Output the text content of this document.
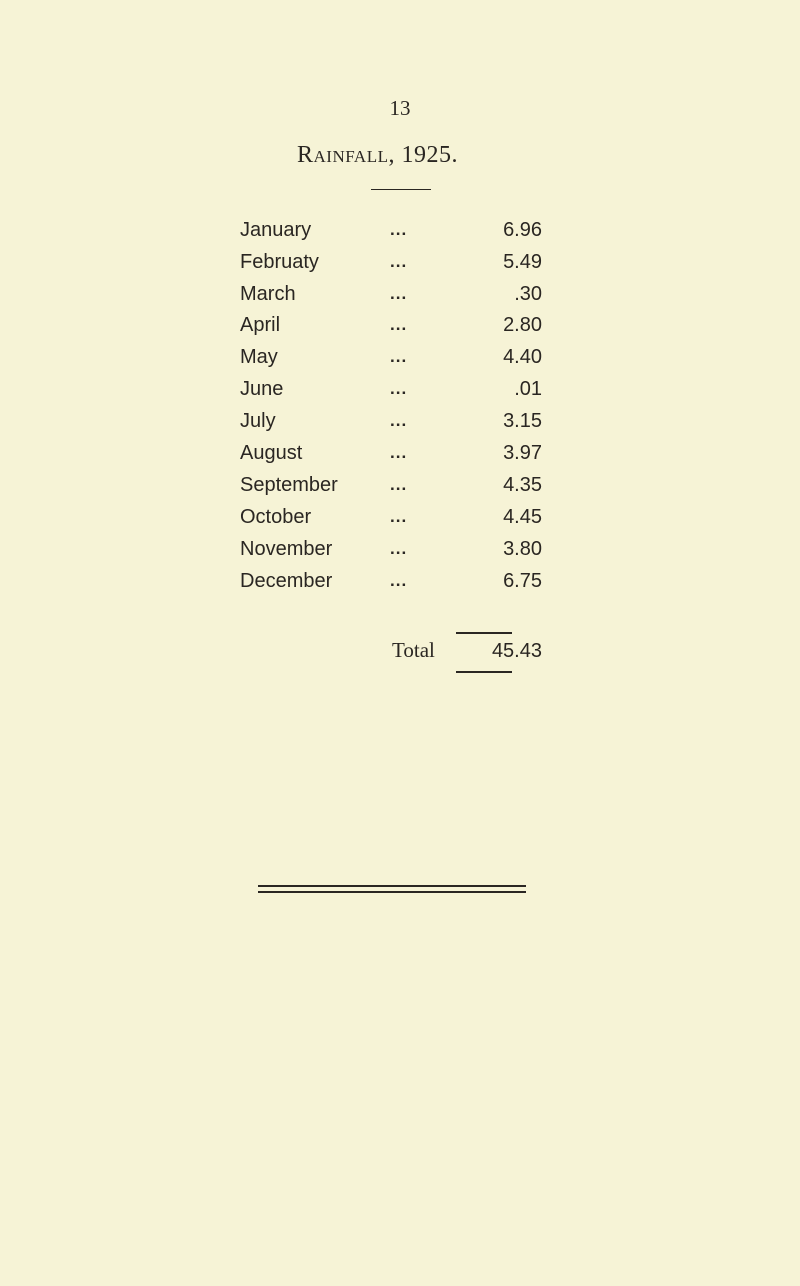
13
Rainfall, 1925.
January	...	6.96
Februaty	...	5.49
March	...	.30
April	...	2.80
May	...	4.40
June	...	.01
July	...	3.15
August	...	3.97
September	...	4.35
October	...	4.45
November	...	3.80
December	...	6.75
Total	45.43
